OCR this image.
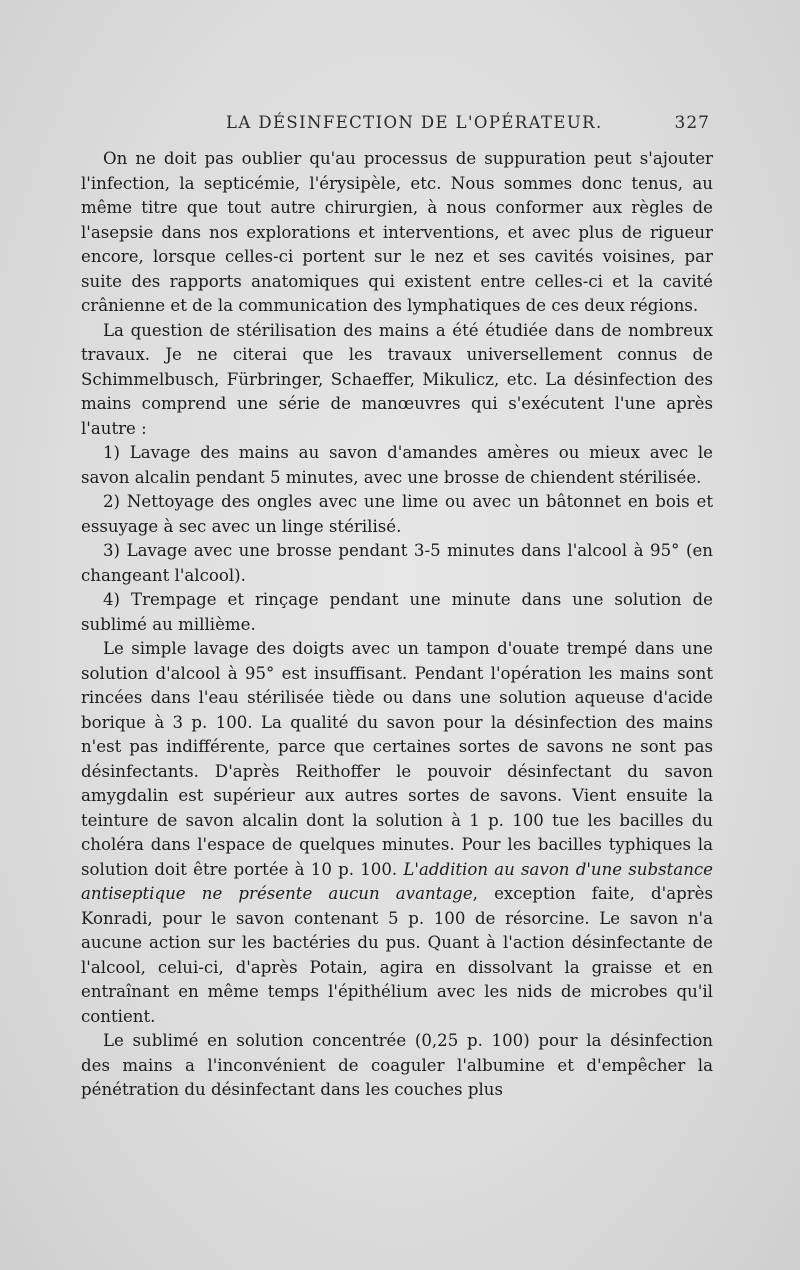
LA DÉSINFECTION DE L'OPÉRATEUR.	327

On ne doit pas oublier qu'au processus de suppuration peut s'ajouter l'infection, la septicémie, l'érysipèle, etc. Nous sommes donc tenus, au même titre que tout autre chirurgien, à nous conformer aux règles de l'asepsie dans nos explorations et interventions, et avec plus de rigueur encore, lorsque celles-ci portent sur le nez et ses cavités voisines, par suite des rapports anatomiques qui existent entre celles-ci et la cavité crânienne et de la communication des lymphatiques de ces deux régions.

La question de stérilisation des mains a été étudiée dans de nombreux travaux. Je ne citerai que les travaux universellement connus de Schimmelbusch, Fürbringer, Schaeffer, Mikulicz, etc. La désinfection des mains comprend une série de manœuvres qui s'exécutent l'une après l'autre :

1) Lavage des mains au savon d'amandes amères ou mieux avec le savon alcalin pendant 5 minutes, avec une brosse de chiendent stérilisée.

2) Nettoyage des ongles avec une lime ou avec un bâtonnet en bois et essuyage à sec avec un linge stérilisé.

3) Lavage avec une brosse pendant 3-5 minutes dans l'alcool à 95° (en changeant l'alcool).

4) Trempage et rinçage pendant une minute dans une solution de sublimé au millième.

Le simple lavage des doigts avec un tampon d'ouate trempé dans une solution d'alcool à 95° est insuffisant. Pendant l'opération les mains sont rincées dans l'eau stérilisée tiède ou dans une solution aqueuse d'acide borique à 3 p. 100. La qualité du savon pour la désinfection des mains n'est pas indifférente, parce que certaines sortes de savons ne sont pas désinfectants. D'après Reithoffer le pouvoir désinfectant du savon amygdalin est supérieur aux autres sortes de savons. Vient ensuite la teinture de savon alcalin dont la solution à 1 p. 100 tue les bacilles du choléra dans l'espace de quelques minutes. Pour les bacilles typhiques la solution doit être portée à 10 p. 100. L'addition au savon d'une substance antiseptique ne présente aucun avantage, exception faite, d'après Konradi, pour le savon contenant 5 p. 100 de résorcine. Le savon n'a aucune action sur les bactéries du pus. Quant à l'action désinfectante de l'alcool, celui-ci, d'après Potain, agira en dissolvant la graisse et en entraînant en même temps l'épithélium avec les nids de microbes qu'il contient.

Le sublimé en solution concentrée (0,25 p. 100) pour la désinfection des mains a l'inconvénient de coaguler l'albumine et d'empêcher la pénétration du désinfectant dans les couches plus
